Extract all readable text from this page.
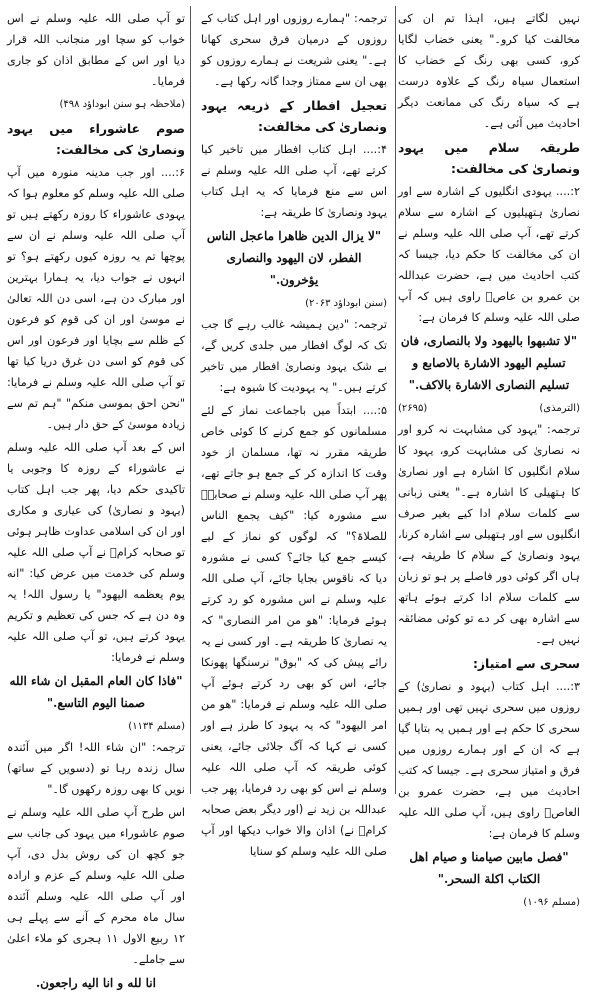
نہیں لگاتے ہیں، اہذا تم ان کی مخالفت کیا کرو۔" یعنی خضاب لگایا کرو، کسی بھی رنگ کے خضاب کا استعمال سیاہ رنگ کے علاوہ درست ہے کہ سیاہ رنگ کی ممانعت دیگر احادیث میں آئی ہے۔

طریقہ سلام میں یہود ونصاریٰ کی مخالفت:

۲:.... یہودی انگلیوں کے اشارہ سے اور نصاریٰ ہتھیلیوں کے اشارہ سے سلام کرتے تھے، آپ صلی اللہ علیہ وسلم نے ان کی مخالفت کا حکم دیا، جیسا کہ کتب احادیث میں ہے، حضرت عبداللہ بن عمرو بن عاصؓ راوی ہیں کہ آپ صلی اللہ علیہ وسلم کا فرمان ہے:

"لا تشبهوا باليهود ولا بالنصارى، فان تسليم اليهود الاشارة بالاصابع و تسليم النصارى الاشارة بالاكف."
(الترمذی)
(۲۶۹۵)

ترجمہ: "یہود کی مشابہت نہ کرو اور نہ نصاریٰ کی مشابہت کرو، یہود کا سلام انگلیوں کا اشارہ ہے اور نصاریٰ کا ہتھیلی کا اشارہ ہے۔" یعنی زبانی سے کلمات سلام ادا کیے بغیر صرف انگلیوں سے اور ہتھیلی سے اشارہ کرنا، یہود ونصاریٰ کے سلام کا طریقہ ہے، ہاں اگر کوئی دور فاصلے پر ہو تو زبان سے کلمات سلام ادا کرتے ہوئے ہاتھ سے اشارہ بھی کر دے تو کوئی مضائقہ نہیں ہے۔

سحری سے امتیاز:

۳:.... اہل کتاب (یہود و نصاریٰ) کے روزوں میں سحری نہیں تھی اور ہمیں سحری کا حکم ہے اور ہمیں یہ بتایا گیا ہے کہ ان کے اور ہمارے روزوں میں فرق و امتیاز سحری ہے۔ جیسا کہ کتب احادیث میں ہے، حضرت عمرو بن العاصؓ راوی ہیں، آپ صلی اللہ علیہ وسلم کا فرمان ہے:

"فصل مابين صيامنا و صيام اهل الكتاب اكلة السحر."
(مسلم ۱۰۹۶)

ترجمہ: "ہمارے روزوں اور اہل کتاب کے روزوں کے درمیان فرق سحری کھانا ہے۔" یعنی شریعت نے ہمارے روزوں کو بھی ان سے ممتاز وجدا گانہ رکھا ہے۔

تعجیل افطار کے ذریعہ یہود ونصاریٰ کی مخالفت:

۴:.... اہل کتاب افطار میں تاخیر کیا کرتے تھے، آپ صلی اللہ علیہ وسلم نے اس سے منع فرمایا کہ یہ اہل کتاب یہود ونصاریٰ کا طریقہ ہے:

"لا يزال الدين ظاهرا ماعجل الناس الفطر، لان اليهود والنصارى يؤخرون."
(سنن ابوداؤد ۲۰۶۳)

ترجمہ: "دین ہمیشہ غالب رہے گا جب تک کہ لوگ افطار میں جلدی کریں گے، بے شک یہود ونصاریٰ افطار میں تاخیر کرتے ہیں۔" یہ یہودیت کا شیوہ ہے:

۵:.... ابتداً میں باجماعت نماز کے لئے مسلمانوں کو جمع کرنے کا کوئی خاص طریقہ مقرر نہ تھا، مسلمان از خود وقت کا اندازہ کر کے جمع ہو جاتے تھے، پھر آپ صلی اللہ علیہ وسلم نے صحابہؓ سے مشورہ کیا: "کیف یجمع الناس للصلاۃ؟" کہ لوگوں کو نماز کے لیے کیسے جمع کیا جائے؟ کسی نے مشورہ دیا کہ ناقوس بجایا جائے، آپ صلی اللہ علیہ وسلم نے اس مشورہ کو رد کرتے ہوئے فرمایا: "هو من امر النصارى" کہ یہ نصاریٰ کا طریقہ ہے۔ اور کسی نے یہ رائے پیش کی کہ "بوق" نرسنگھا پھونکا جائے، اس کو بھی رد کرتے ہوئے آپ صلی اللہ علیہ وسلم نے فرمایا: "هو من امر اليهود" کہ یہ یہود کا طرز ہے اور کسی نے کہا کہ آگ جلائی جائے، یعنی کوئی طریقہ کہ آپ صلی اللہ علیہ وسلم نے اس کو بھی رد فرمایا، پھر جب عبداللہ بن زید نے (اور دیگر بعض صحابہ کرامؓ نے) اذان والا خواب دیکھا اور آپ صلی اللہ علیہ وسلم کو سنایا

تو آپ صلی اللہ علیہ وسلم نے اس خواب کو سچا اور منجانب اللہ قرار دیا اور اس کے مطابق اذان کو جاری فرمایا۔

(ملاحظہ ہو سنن ابوداؤد ۴۹۸)
صوم عاشوراء میں یہود ونصاریٰ کی مخالفت:

۶:.... اور جب مدینہ منورہ میں آپ صلی اللہ علیہ وسلم کو معلوم ہوا کہ یہودی عاشوراء کا روزہ رکھتے ہیں تو آپ صلی اللہ علیہ وسلم نے ان سے پوچھا تم یہ روزہ کیوں رکھتے ہو؟ تو انہوں نے جواب دیا، یہ ہمارا بہترین اور مبارک دن ہے، اسی دن اللہ تعالیٰ نے موسیٰ اور ان کی قوم کو فرعون کے ظلم سے بچایا اور فرعون اور اس کی قوم کو اسی دن غرق دریا کیا تھا تو آپ صلی اللہ علیہ وسلم نے فرمایا: "نحن احق بموسى منكم" "ہم تم سے زیادہ موسیٰ کے حق دار ہیں۔

اس کے بعد آپ صلی اللہ علیہ وسلم نے عاشوراء کے روزہ کا وجوبی یا تاکیدی حکم دیا، پھر جب اہل کتاب (یہود و نصاریٰ) کی عیاری و مکاری اور ان کی اسلامی عداوت ظاہر ہوئی تو صحابہ کرامؓ نے آپ صلی اللہ علیہ وسلم کی خدمت میں عرض کیا: "انه يوم يعظمه اليهود" یا رسول اللہ! یہ وہ دن ہے کہ جس کی تعظیم و تکریم یہود کرتے ہیں، تو آپ صلی اللہ علیہ وسلم نے فرمایا:

"فاذا كان العام المقبل ان شاء الله صمنا اليوم التاسع."
(مسلم ۱۱۳۴)

ترجمہ: "ان شاء اللہ! اگر میں آئندہ سال زندہ رہا تو (دسویں کے ساتھ) نویں کا بھی روزہ رکھوں گا۔"

اس طرح آپ صلی اللہ علیہ وسلم نے صوم عاشوراء میں یہود کی جانب سے جو کچھ ان کی روش بدل دی، آپ صلی اللہ علیہ وسلم کے عزم و ارادہ اور آپ صلی اللہ علیہ وسلم آئندہ سال ماہ محرم کے آنے سے پہلے ہی ۱۲ ربیع الاول ۱۱ ہجری کو ملاء اعلیٰ سے جاملے۔

انا لله و انا اليه راجعون.
